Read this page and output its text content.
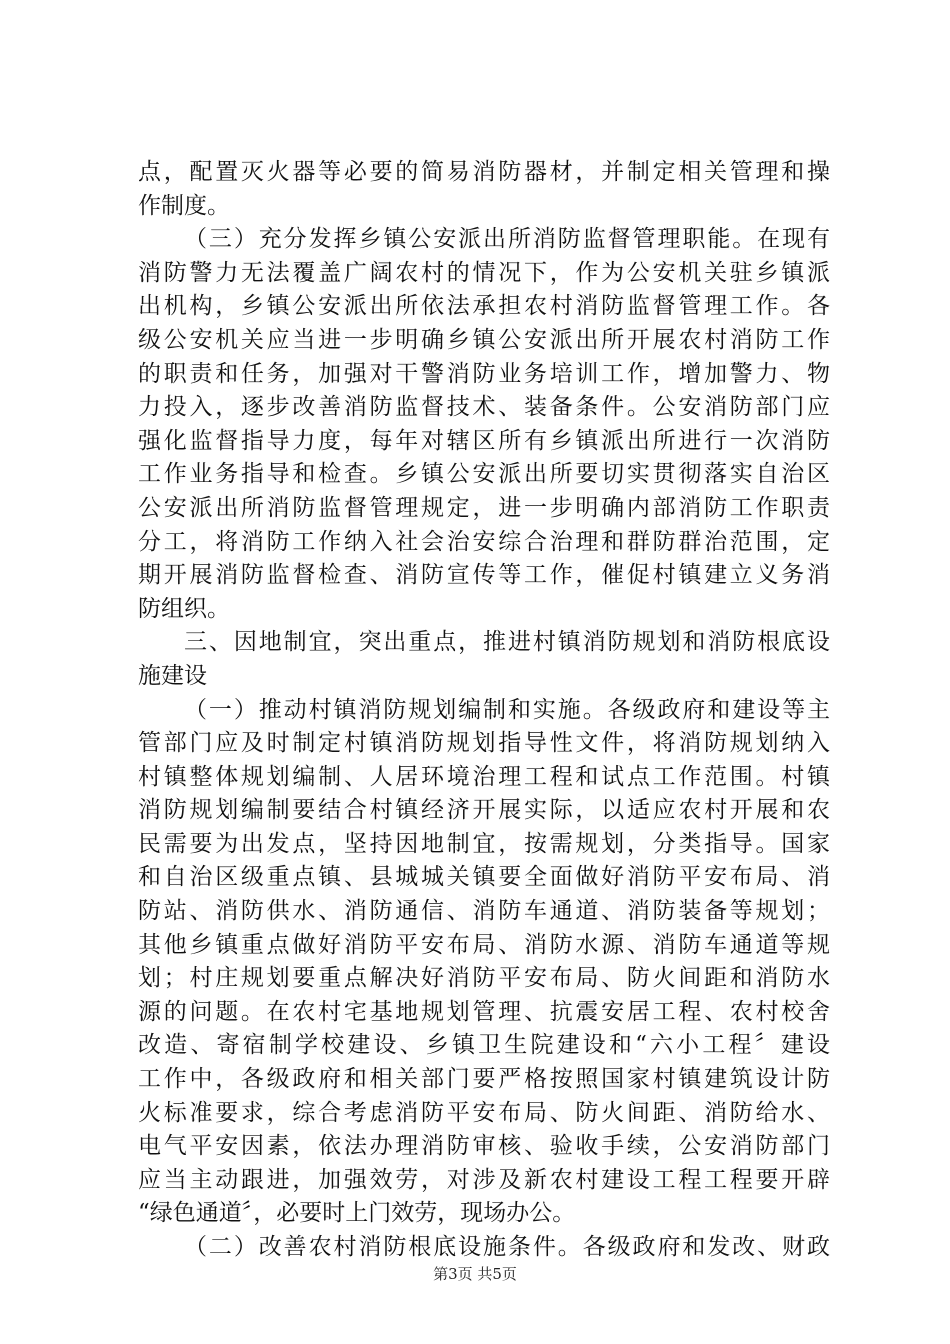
点，配置灭火器等必要的简易消防器材，并制定相关管理和操
作制度。
（三）充分发挥乡镇公安派出所消防监督管理职能。在现有
消防警力无法覆盖广阔农村的情况下，作为公安机关驻乡镇派
出机构，乡镇公安派出所依法承担农村消防监督管理工作。各
级公安机关应当进一步明确乡镇公安派出所开展农村消防工作
的职责和任务，加强对干警消防业务培训工作，增加警力、物
力投入，逐步改善消防监督技术、装备条件。公安消防部门应
强化监督指导力度，每年对辖区所有乡镇派出所进行一次消防
工作业务指导和检查。乡镇公安派出所要切实贯彻落实自治区
公安派出所消防监督管理规定，进一步明确内部消防工作职责
分工，将消防工作纳入社会治安综合治理和群防群治范围，定
期开展消防监督检查、消防宣传等工作，催促村镇建立义务消
防组织。
三、因地制宜，突出重点，推进村镇消防规划和消防根底设
施建设
（一）推动村镇消防规划编制和实施。各级政府和建设等主
管部门应及时制定村镇消防规划指导性文件，将消防规划纳入
村镇整体规划编制、人居环境治理工程和试点工作范围。村镇
消防规划编制要结合村镇经济开展实际，以适应农村开展和农
民需要为出发点，坚持因地制宜，按需规划，分类指导。国家
和自治区级重点镇、县城城关镇要全面做好消防平安布局、消
防站、消防供水、消防通信、消防车通道、消防装备等规划；
其他乡镇重点做好消防平安布局、消防水源、消防车通道等规
划；村庄规划要重点解决好消防平安布局、防火间距和消防水
源的问题。在农村宅基地规划管理、抗震安居工程、农村校舍
改造、寄宿制学校建设、乡镇卫生院建设和“六小工程〞建设
工作中，各级政府和相关部门要严格按照国家村镇建筑设计防
火标准要求，综合考虑消防平安布局、防火间距、消防给水、
电气平安因素，依法办理消防审核、验收手续，公安消防部门
应当主动跟进，加强效劳，对涉及新农村建设工程工程要开辟
“绿色通道〞，必要时上门效劳，现场办公。
（二）改善农村消防根底设施条件。各级政府和发改、财政
第3页 共5页
